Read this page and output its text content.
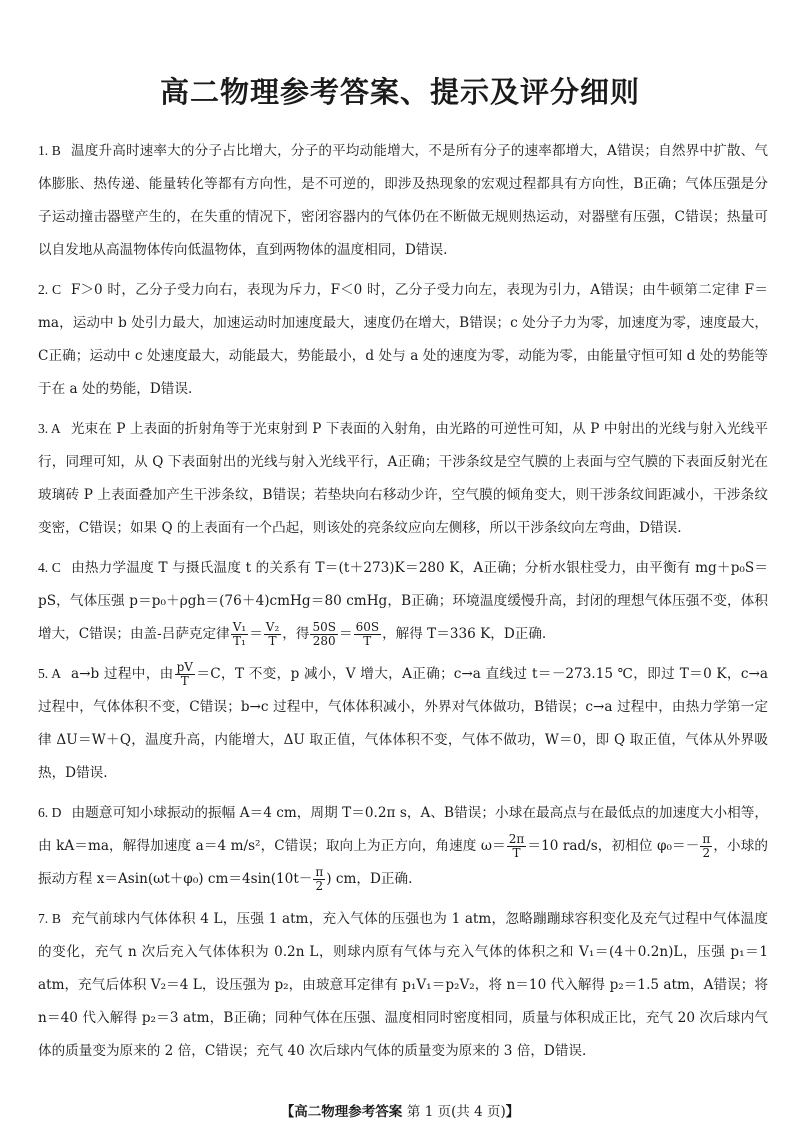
高二物理参考答案、提示及评分细则
1. B 温度升高时速率大的分子占比增大，分子的平均动能增大，不是所有分子的速率都增大，A错误；自然界中扩散、气体膨胀、热传递、能量转化等都有方向性，是不可逆的，即涉及热现象的宏观过程都具有方向性，B正确；气体压强是分子运动撞击器壁产生的，在失重的情况下，密闭容器内的气体仍在不断做无规则热运动，对器壁有压强，C错误；热量可以自发地从高温物体传向低温物体，直到两物体的温度相同，D错误.
2. C F＞0 时，乙分子受力向右，表现为斥力，F＜0 时，乙分子受力向左，表现为引力，A错误；由牛顿第二定律 F＝ma，运动中 b 处引力最大，加速运动时加速度最大，速度仍在增大，B错误；c 处分子力为零，加速度为零，速度最大，C正确；运动中 c 处速度最大，动能最大，势能最小，d 处与 a 处的速度为零，动能为零，由能量守恒可知 d 处的势能等于在 a 处的势能，D错误.
3. A 光束在 P 上表面的折射角等于光束射到 P 下表面的入射角，由光路的可逆性可知，从 P 中射出的光线与射入光线平行，同理可知，从 Q 下表面射出的光线与射入光线平行，A正确；干涉条纹是空气膜的上表面与空气膜的下表面反射光在玻璃砖 P 上表面叠加产生干涉条纹，B错误；若垫块向右移动少许，空气膜的倾角变大，则干涉条纹间距减小，干涉条纹变密，C错误；如果 Q 的上表面有一个凸起，则该处的亮条纹应向左侧移，所以干涉条纹向左弯曲，D错误.
4. C 由热力学温度 T 与摄氏温度 t 的关系有 T＝(t＋273)K＝280 K，A正确；分析水银柱受力，由平衡有 mg＋p₀S＝pS，气体压强 p＝p₀＋ρgh＝(76＋4)cmHg＝80 cmHg，B正确；环境温度缓慢升高，封闭的理想气体压强不变，体积增大，C错误；由盖-吕萨克定律 $\frac{\text{V₁}}{\text{T₁}} = \frac{\text{V₂}}{T}$ ，得 $\frac{50S}{280} = \frac{60S}{T}$ ，解得 T＝336 K，D正确.
5. A a→b 过程中，由 $\frac{pV}{T} =C$，T 不变，p 减小，V 增大，A正确；c→a 直线过 t＝－273.15 ℃，即过 T＝0 K，c→a 过程中，气体体积不变，C错误；b→c 过程中，气体体积减小，外界对气体做功，B错误；c→a 过程中，由热力学第一定律 ΔU＝W＋Q，温度升高，内能增大，ΔU 取正值，气体体积不变，气体不做功，W＝0，即 Q 取正值，气体从外界吸热，D错误.
6. D 由题意可知小球振动的振幅 A＝4 cm，周期 T＝0.2π s，A、B错误；小球在最高点与在最低点的加速度大小相等，由 kA＝ma，解得加速度 a＝4 m/s²，C错误；取向上为正方向，角速度 $\omega= \frac{2\pi}{T} =10$ rad/s，初相位 $\varphi_0=- \frac{\pi}{2}$ ，小球的振动方程 x＝Asin(ωt＋φ₀) $cm=4\sin(10t- \frac{\pi}{2}$ ) cm，D正确.
7. B 充气前球内气体体积 4 L，压强 1 atm，充入气体的压强也为 1 atm，忽略蹦蹦球容积变化及充气过程中气体温度的变化，充气 n 次后充入气体体积为 0.2n L，则球内原有气体与充入气体的体积之和 V₁＝(4＋0.2n)L，压强 p₁＝1 atm，充气后体积 V₂＝4 L，设压强为 p₂，由玻意耳定律有 p₁V₁＝p₂V₂，将 n＝10 代入解得 p₂＝1.5 atm，A错误；将 n＝40 代入解得 p₂＝3 atm，B正确；同种气体在压强、温度相同时密度相同，质量与体积成正比，充气 20 次后球内气体的质量变为原来的 2 倍，C错误；充气 40 次后球内气体的质量变为原来的 3 倍，D错误.
【高二物理参考答案 第 1 页(共 4 页)】
